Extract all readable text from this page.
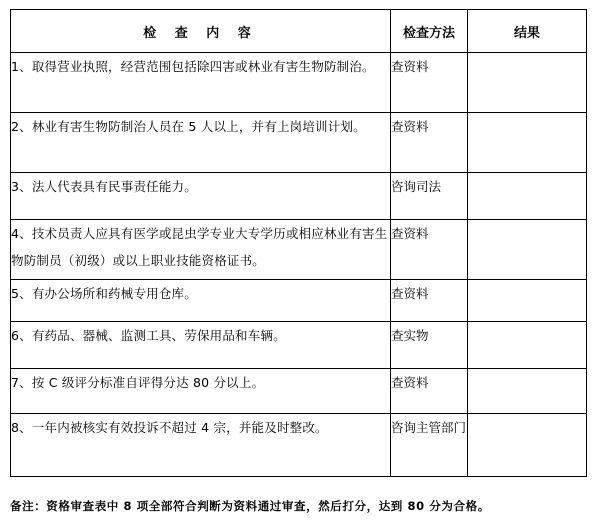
检 查 内 容	检查方法	结果
1、取得营业执照，经营范围包括除四害或林业有害生物防制治。	查资料	
2、林业有害生物防制治人员在 5 人以上，并有上岗培训计划。	查资料	
3、法人代表具有民事责任能力。	咨询司法	
4、技术员责人应具有医学或昆虫学专业大专学历或相应林业有害生物防制员（初级）或以上职业技能资格证书。	查资料	
5、有办公场所和药械专用仓库。	查资料	
6、有药品、器械、监测工具、劳保用品和车辆。	查实物	
7、按 C 级评分标准自评得分达 80 分以上。	查资料	
8、一年内被核实有效投诉不超过 4 宗，并能及时整改。	咨询主管部门	
备注：资格审查表中 8 项全部符合判断为资料通过审查，然后打分，达到 80 分为合格。
